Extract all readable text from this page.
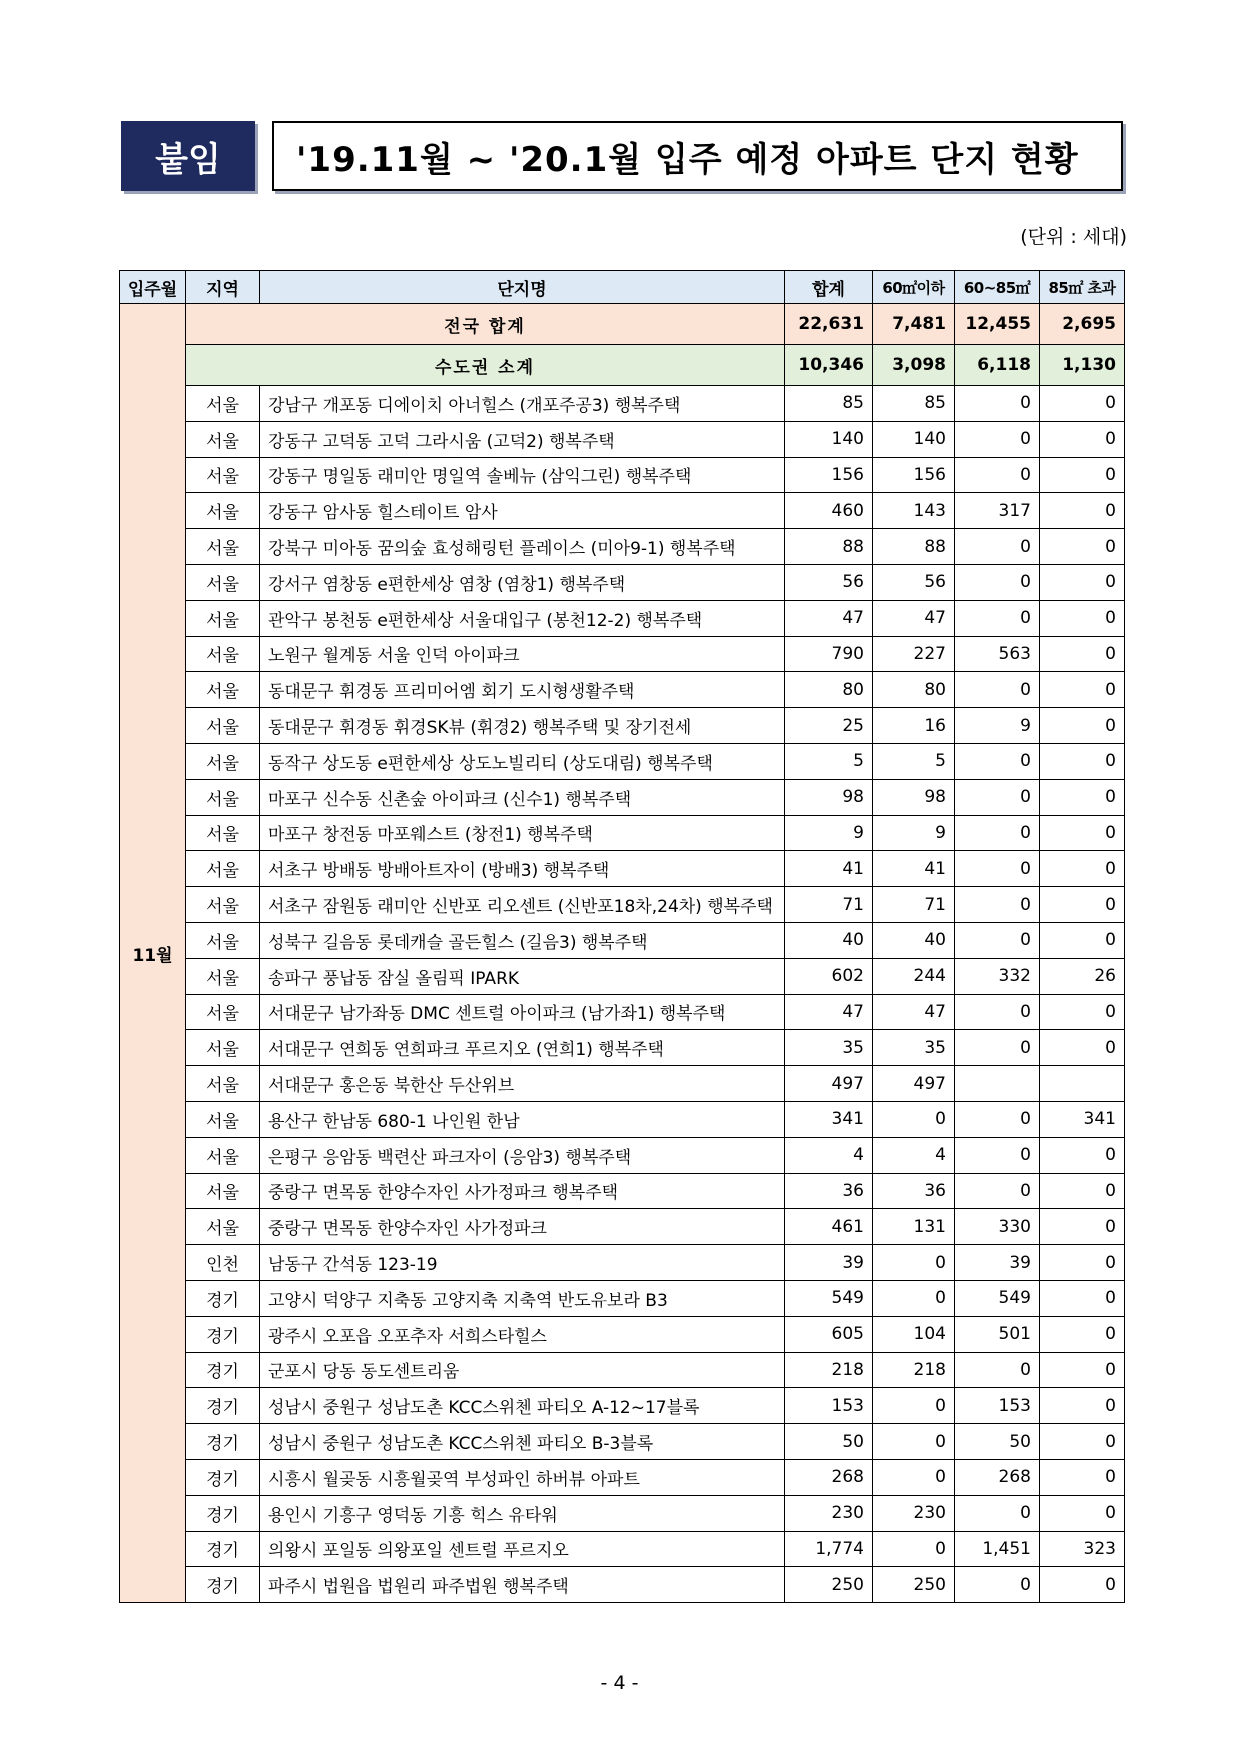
붙임	'19.11월 ~ '20.1월 입주 예정 아파트 단지 현황
(단위 : 세대)
입주월	지역	단지명	합계	60㎡이하	60~85㎡	85㎡ 초과
11월	전국 합계		22,631	7,481	12,455	2,695
	수도권 소계		10,346	3,098	6,118	1,130
	서울	강남구 개포동 디에이치 아너힐스 (개포주공3) 행복주택	85	85	0	0
	서울	강동구 고덕동 고덕 그라시움 (고덕2) 행복주택	140	140	0	0
	서울	강동구 명일동 래미안 명일역 솔베뉴 (삼익그린) 행복주택	156	156	0	0
	서울	강동구 암사동 힐스테이트 암사	460	143	317	0
	서울	강북구 미아동 꿈의숲 효성해링턴 플레이스 (미아9-1) 행복주택	88	88	0	0
	서울	강서구 염창동 e편한세상 염창 (염창1) 행복주택	56	56	0	0
	서울	관악구 봉천동 e편한세상 서울대입구 (봉천12-2) 행복주택	47	47	0	0
	서울	노원구 월계동 서울 인덕 아이파크	790	227	563	0
	서울	동대문구 휘경동 프리미어엠 회기 도시형생활주택	80	80	0	0
	서울	동대문구 휘경동 휘경SK뷰 (휘경2) 행복주택 및 장기전세	25	16	9	0
	서울	동작구 상도동 e편한세상 상도노빌리티 (상도대림) 행복주택	5	5	0	0
	서울	마포구 신수동 신촌숲 아이파크 (신수1) 행복주택	98	98	0	0
	서울	마포구 창전동 마포웨스트 (창전1) 행복주택	9	9	0	0
	서울	서초구 방배동 방배아트자이 (방배3) 행복주택	41	41	0	0
	서울	서초구 잠원동 래미안 신반포 리오센트 (신반포18차,24차) 행복주택	71	71	0	0
	서울	성북구 길음동 롯데캐슬 골든힐스 (길음3) 행복주택	40	40	0	0
	서울	송파구 풍납동 잠실 올림픽 IPARK	602	244	332	26
	서울	서대문구 남가좌동 DMC 센트럴 아이파크 (남가좌1) 행복주택	47	47	0	0
	서울	서대문구 연희동 연희파크 푸르지오 (연희1) 행복주택	35	35	0	0
	서울	서대문구 홍은동 북한산 두산위브	497	497		
	서울	용산구 한남동 680-1 나인원 한남	341	0	0	341
	서울	은평구 응암동 백련산 파크자이 (응암3) 행복주택	4	4	0	0
	서울	중랑구 면목동 한양수자인 사가정파크 행복주택	36	36	0	0
	서울	중랑구 면목동 한양수자인 사가정파크	461	131	330	0
	인천	남동구 간석동 123-19	39	0	39	0
	경기	고양시 덕양구 지축동 고양지축 지축역 반도유보라 B3	549	0	549	0
	경기	광주시 오포읍 오포추자 서희스타힐스	605	104	501	0
	경기	군포시 당동 동도센트리움	218	218	0	0
	경기	성남시 중원구 성남도촌 KCC스위첸 파티오 A-12~17블록	153	0	153	0
	경기	성남시 중원구 성남도촌 KCC스위첸 파티오 B-3블록	50	0	50	0
	경기	시흥시 월곶동 시흥월곶역 부성파인 하버뷰 아파트	268	0	268	0
	경기	용인시 기흥구 영덕동 기흥 힉스 유타워	230	230	0	0
	경기	의왕시 포일동 의왕포일 센트럴 푸르지오	1,774	0	1,451	323
	경기	파주시 법원읍 법원리 파주법원 행복주택	250	250	0	0
- 4 -
